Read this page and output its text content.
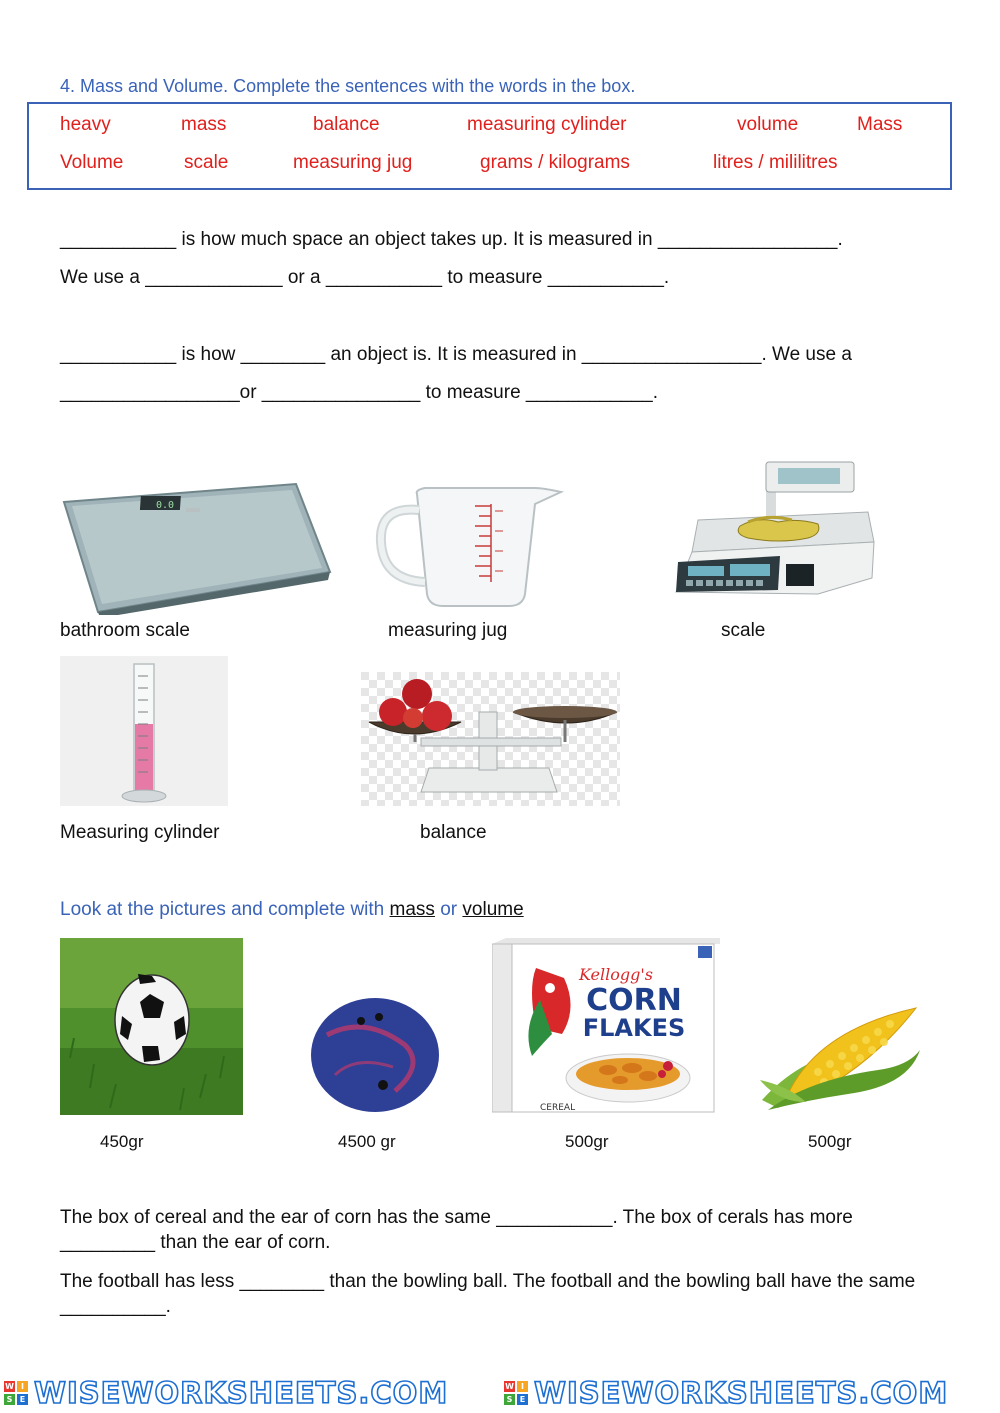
4. Mass and Volume. Complete the sentences with the words in the box.
heavy	mass	balance	measuring cylinder	volume	Mass
Volume	scale	measuring jug	grams / kilograms	litres / mililitres
___________ is how much space an object takes up. It is measured in _________________.
We use a _____________ or a ___________ to measure ___________.
___________ is how ________ an object is. It is measured in _________________. We use a
_________________or _______________ to measure ____________.
0.0
bathroom scale	measuring jug	scale
Measuring cylinder	balance
Look at the pictures and complete with mass or volume
Kellogg's
CORN
FLAKES
CEREAL
450gr	4500 gr	500gr	500gr
The box of cereal and the ear of corn has the same ___________. The box of cerals has more _________ than the ear of corn.
The football has less ________ than the bowling ball. The football and the bowling ball have the same __________.
W I
S E WISEWORKSHEETS.COM	W I
S E WISEWORKSHEETS.COM
